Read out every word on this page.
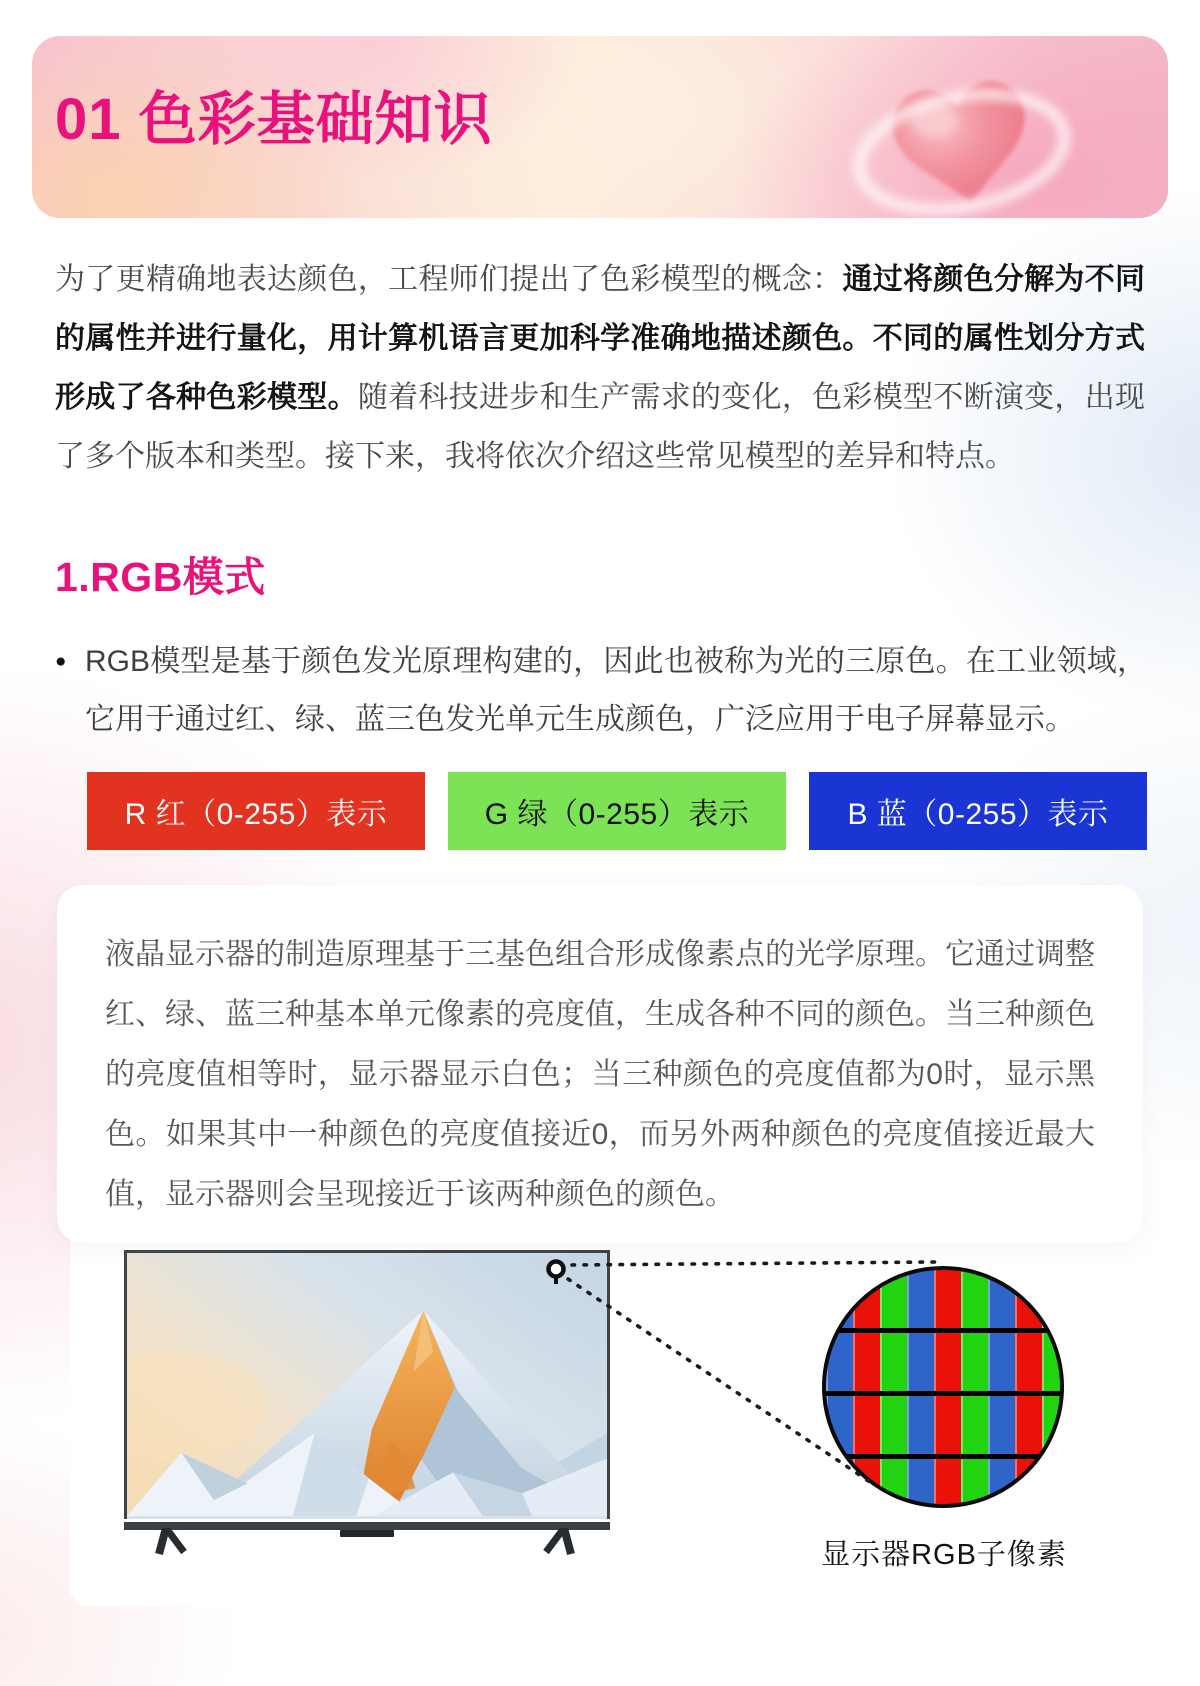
01 色彩基础知识
为了更精确地表达颜色，工程师们提出了色彩模型的概念：通过将颜色分解为不同的属性并进行量化，用计算机语言更加科学准确地描述颜色。不同的属性划分方式形成了各种色彩模型。随着科技进步和生产需求的变化，色彩模型不断演变，出现了多个版本和类型。接下来，我将依次介绍这些常见模型的差异和特点。
1.RGB模式
● RGB模型是基于颜色发光原理构建的，因此也被称为光的三原色。在工业领域，它用于通过红、绿、蓝三色发光单元生成颜色，广泛应用于电子屏幕显示。
R 红（0-255）表示	G 绿（0-255）表示	B 蓝（0-255）表示
液晶显示器的制造原理基于三基色组合形成像素点的光学原理。它通过调整红、绿、蓝三种基本单元像素的亮度值，生成各种不同的颜色。当三种颜色的亮度值相等时，显示器显示白色；当三种颜色的亮度值都为0时，显示黑色。如果其中一种颜色的亮度值接近0，而另外两种颜色的亮度值接近最大值，显示器则会呈现接近于该两种颜色的颜色。
显示器RGB子像素
